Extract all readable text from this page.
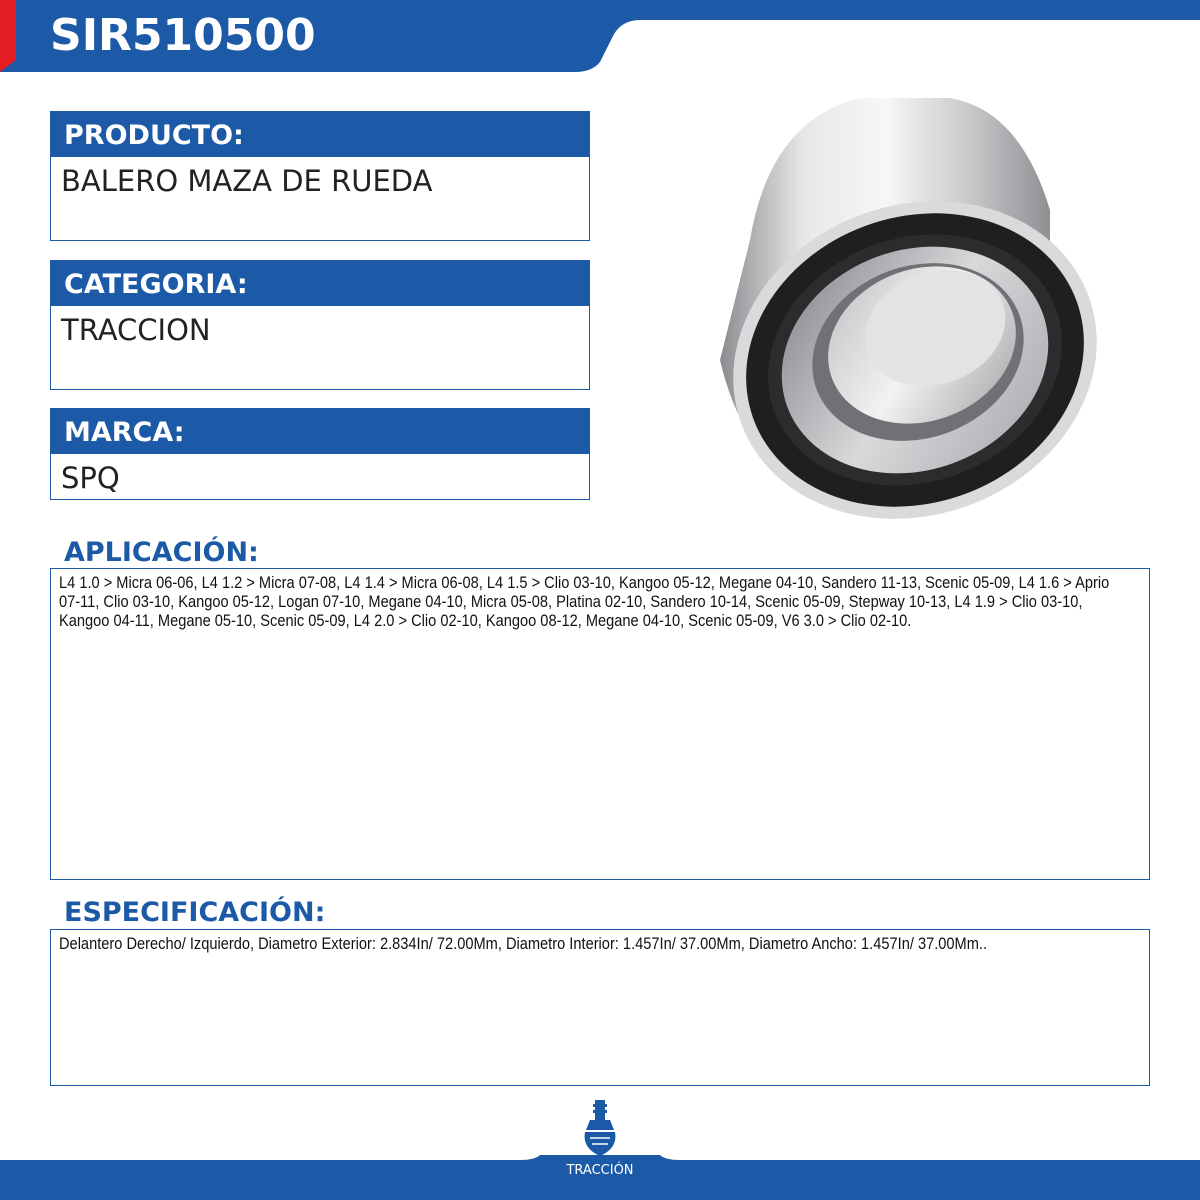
SIR510500
PRODUCTO:
BALERO MAZA DE RUEDA
CATEGORIA:
TRACCION
MARCA:
SPQ
APLICACIÓN:
L4 1.0 > Micra 06-06, L4 1.2 > Micra 07-08, L4 1.4 > Micra 06-08, L4 1.5 > Clio 03-10, Kangoo 05-12, Megane 04-10, Sandero 11-13, Scenic 05-09, L4 1.6 > Aprio 07-11, Clio 03-10, Kangoo 05-12, Logan 07-10, Megane 04-10, Micra 05-08, Platina 02-10, Sandero 10-14, Scenic 05-09, Stepway 10-13, L4 1.9 > Clio 03-10, Kangoo 04-11, Megane 05-10, Scenic 05-09, L4 2.0 > Clio 02-10, Kangoo 08-12, Megane 04-10, Scenic 05-09, V6 3.0 > Clio 02-10.
ESPECIFICACIÓN:
Delantero Derecho/ Izquierdo, Diametro Exterior: 2.834In/ 72.00Mm, Diametro Interior: 1.457In/ 37.00Mm, Diametro Ancho: 1.457In/ 37.00Mm..
TRACCIÓN
